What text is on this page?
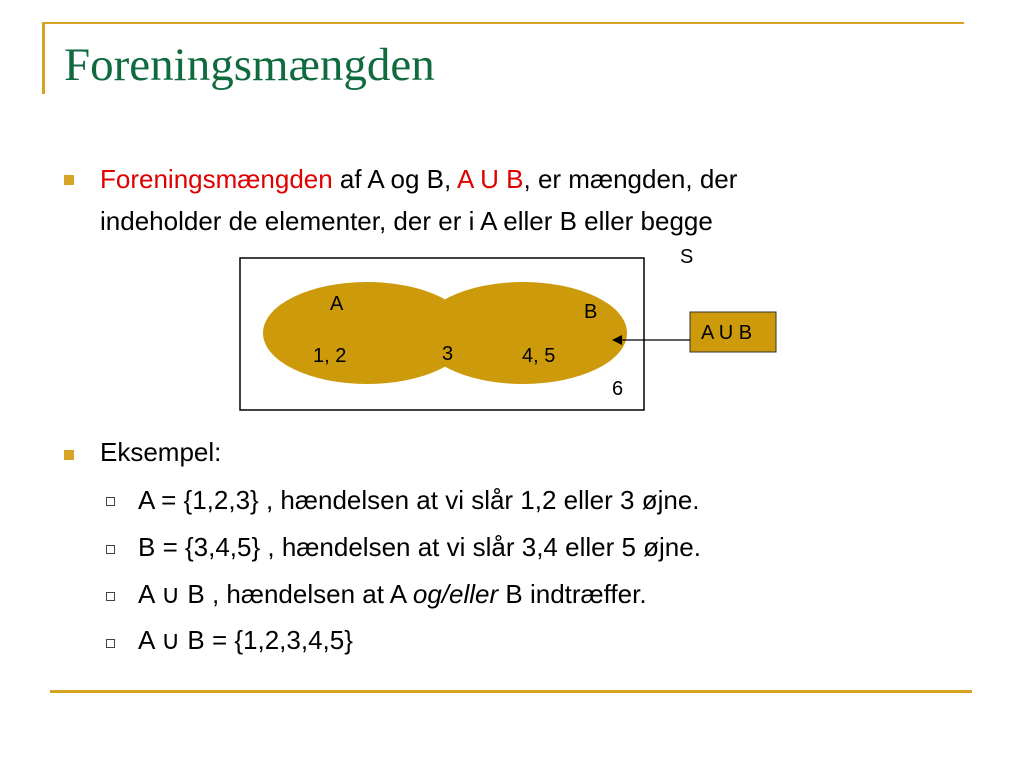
Foreningsmængden

Foreningsmængden af A og B, A U B, er mængden, der
indeholder de elementer, der er i A eller B eller begge

S
A	B
1, 2	3	4, 5
6
A U B

Eksempel:

A = {1,2,3} , hændelsen at vi slår 1,2 eller 3 øjne.

B = {3,4,5} , hændelsen at vi slår 3,4 eller 5 øjne.

A ∪ B , hændelsen at A og/eller B indtræffer.

A ∪ B = {1,2,3,4,5}
